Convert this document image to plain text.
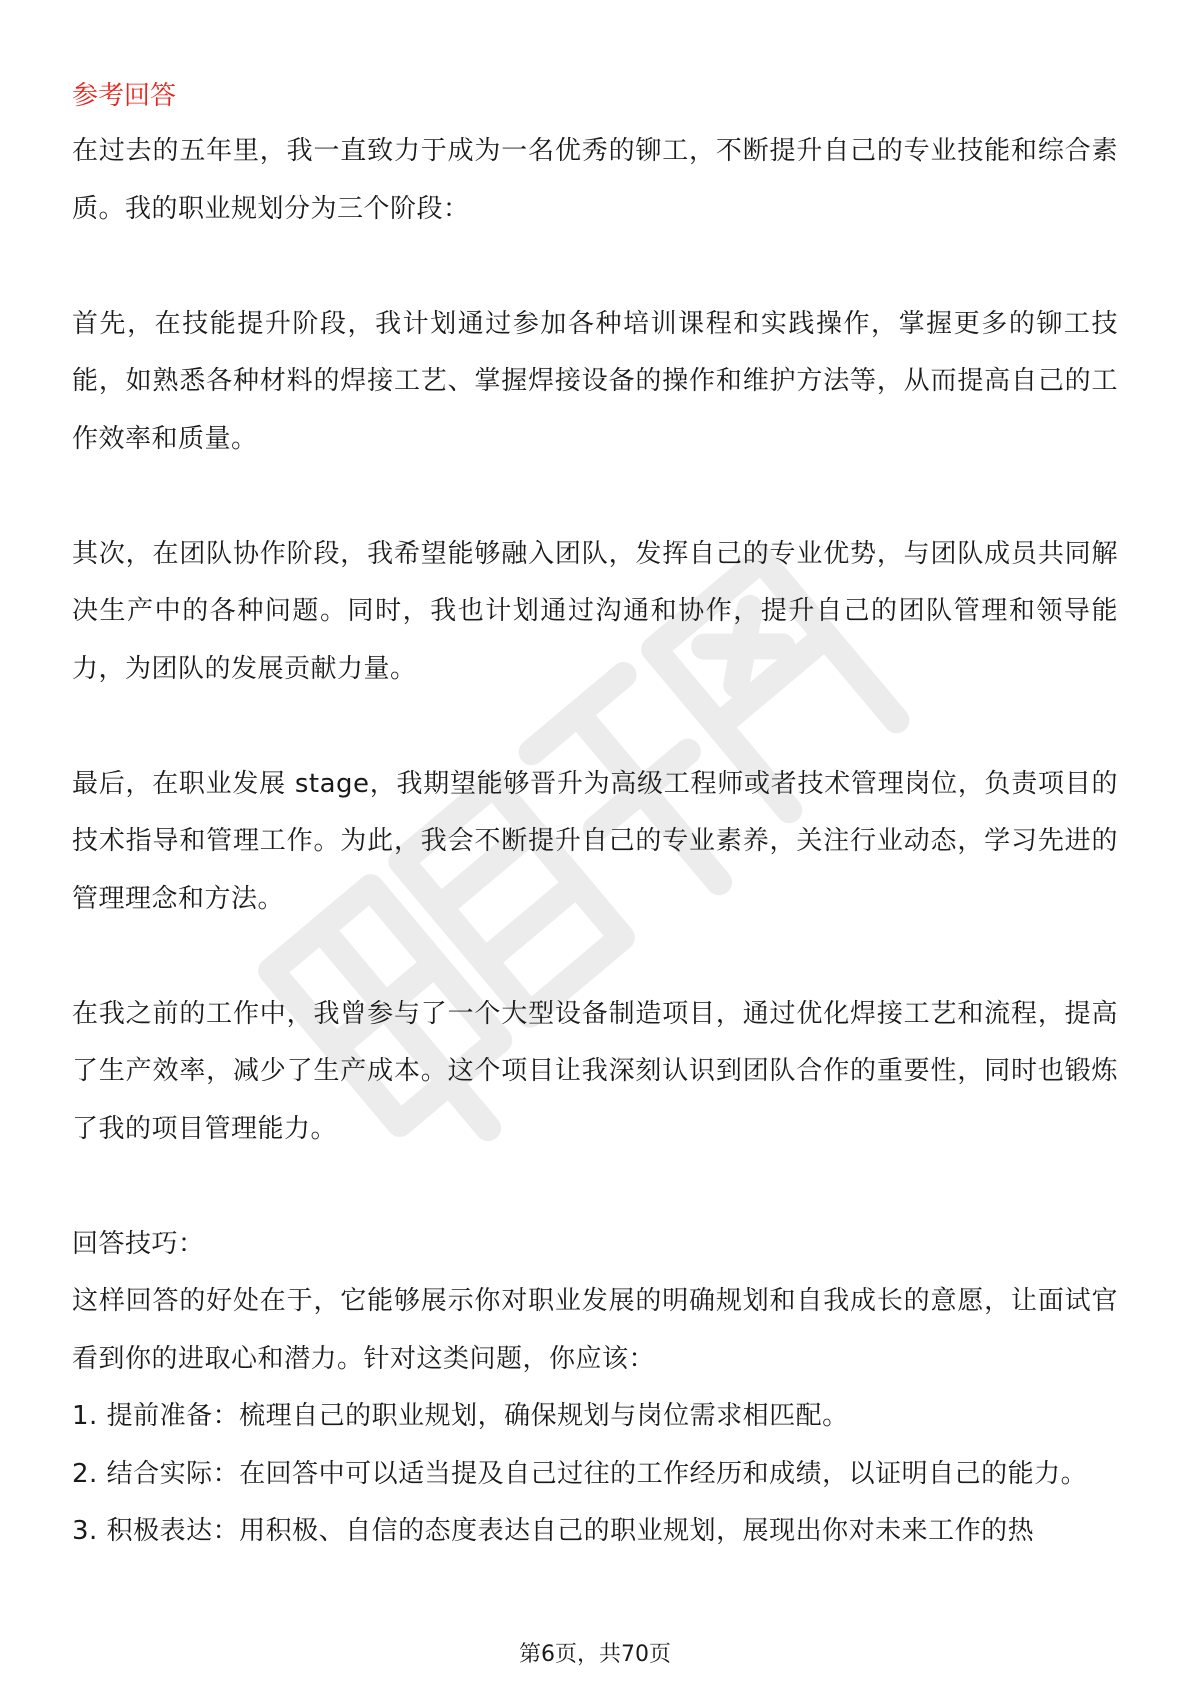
参考回答

在过去的五年里，我一直致力于成为一名优秀的铆工，不断提升自己的专业技能和综合素质。我的职业规划分为三个阶段：

首先，在技能提升阶段，我计划通过参加各种培训课程和实践操作，掌握更多的铆工技能，如熟悉各种材料的焊接工艺、掌握焊接设备的操作和维护方法等，从而提高自己的工作效率和质量。

其次，在团队协作阶段，我希望能够融入团队，发挥自己的专业优势，与团队成员共同解决生产中的各种问题。同时，我也计划通过沟通和协作，提升自己的团队管理和领导能力，为团队的发展贡献力量。

最后，在职业发展 stage，我期望能够晋升为高级工程师或者技术管理岗位，负责项目的技术指导和管理工作。为此，我会不断提升自己的专业素养，关注行业动态，学习先进的管理理念和方法。

在我之前的工作中，我曾参与了一个大型设备制造项目，通过优化焊接工艺和流程，提高了生产效率，减少了生产成本。这个项目让我深刻认识到团队合作的重要性，同时也锻炼了我的项目管理能力。

回答技巧：

这样回答的好处在于，它能够展示你对职业发展的明确规划和自我成长的意愿，让面试官看到你的进取心和潜力。针对这类问题，你应该：

1. 提前准备：梳理自己的职业规划，确保规划与岗位需求相匹配。
2. 结合实际：在回答中可以适当提及自己过往的工作经历和成绩，以证明自己的能力。
3. 积极表达：用积极、自信的态度表达自己的职业规划，展现出你对未来工作的热
第6页，共70页
